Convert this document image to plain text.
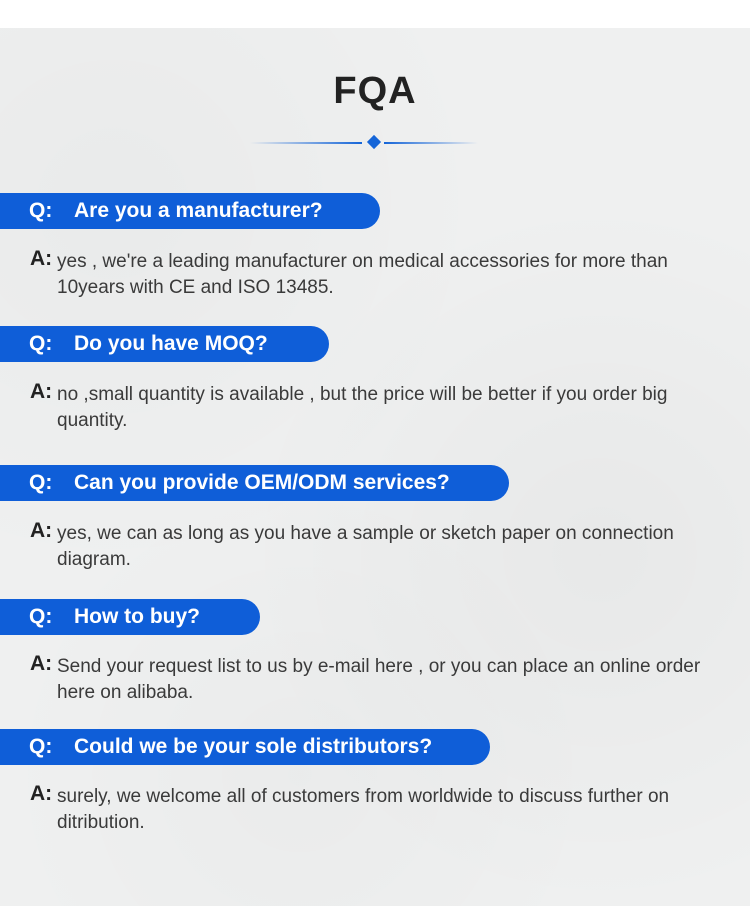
FQA
Q: Are you a manufacturer?
A: yes , we're a leading manufacturer on medical accessories for more than 10years with CE and ISO 13485.
Q: Do you have MOQ?
A: no ,small quantity is available , but the price will be better if you order big quantity.
Q: Can you provide OEM/ODM services?
A: yes, we can as long as you have a sample or sketch paper on connection diagram.
Q: How to buy?
A: Send your request list to us by e-mail here , or you can place an online order here on alibaba.
Q: Could we be your sole distributors?
A: surely, we welcome all of customers from worldwide to discuss further on ditribution.
